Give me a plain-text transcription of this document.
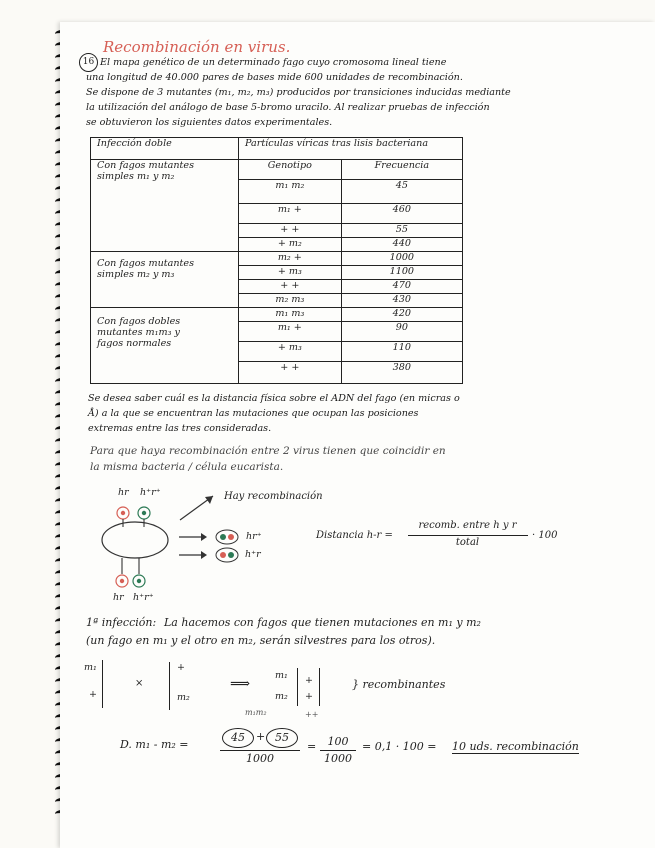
Recombinación en virus.
16 El mapa genético de un determinado fago cuyo cromosoma lineal tiene
una longitud de 40.000 pares de bases mide 600 unidades de recombinación.
Se dispone de 3 mutantes (m₁, m₂, m₃) producidos por transiciones inducidas mediante
la utilización del análogo de base 5-bromo uracilo. Al realizar pruebas de infección
se obtuvieron los siguientes datos experimentales.
Infección doble	Partículas víricas tras lisis bacteriana	

Con fagos mutantes
simples m₁ y m₂	Genotipo	Frecuencia
	m₁ m₂	45
	m₁ +	460
	+ +	55
	+ m₂	440

Con fagos mutantes
simples m₂ y m₃	m₂ +	1000
	+ m₃	1100
	+ +	470
	m₂ m₃	430

Con fagos dobles
mutantes m₁m₃ y
fagos normales	m₁ m₃	420
	m₁ +	90
	+ m₃	110
	+ +	380
Se desea saber cuál es la distancia física sobre el ADN del fago (en micras o
Å) a la que se encuentran las mutaciones que ocupan las posiciones
extremas entre las tres consideradas.
Para que haya recombinación entre 2 virus tienen que coincidir en
la misma bacteria / célula eucarista.
hr h⁺r⁺	Hay recombinación
hr⁺
h⁺r
hr h⁺r⁺
Distancia h-r =
recomb. entre h y r
total
· 100
1ª infección: La hacemos con fagos que tienen mutaciones en m₁ y m₂
(un fago en m₁ y el otro en m₂, serán silvestres para los otros).
m₁
+
×
+
m₂
⟹
m₁
m₂
+
+
} recombinantes
m₁m₂	++
D. m₁ - m₂ =
45	+ 55
1000
=	100
1000
= 0,1 · 100 = 10 uds. recombinación
